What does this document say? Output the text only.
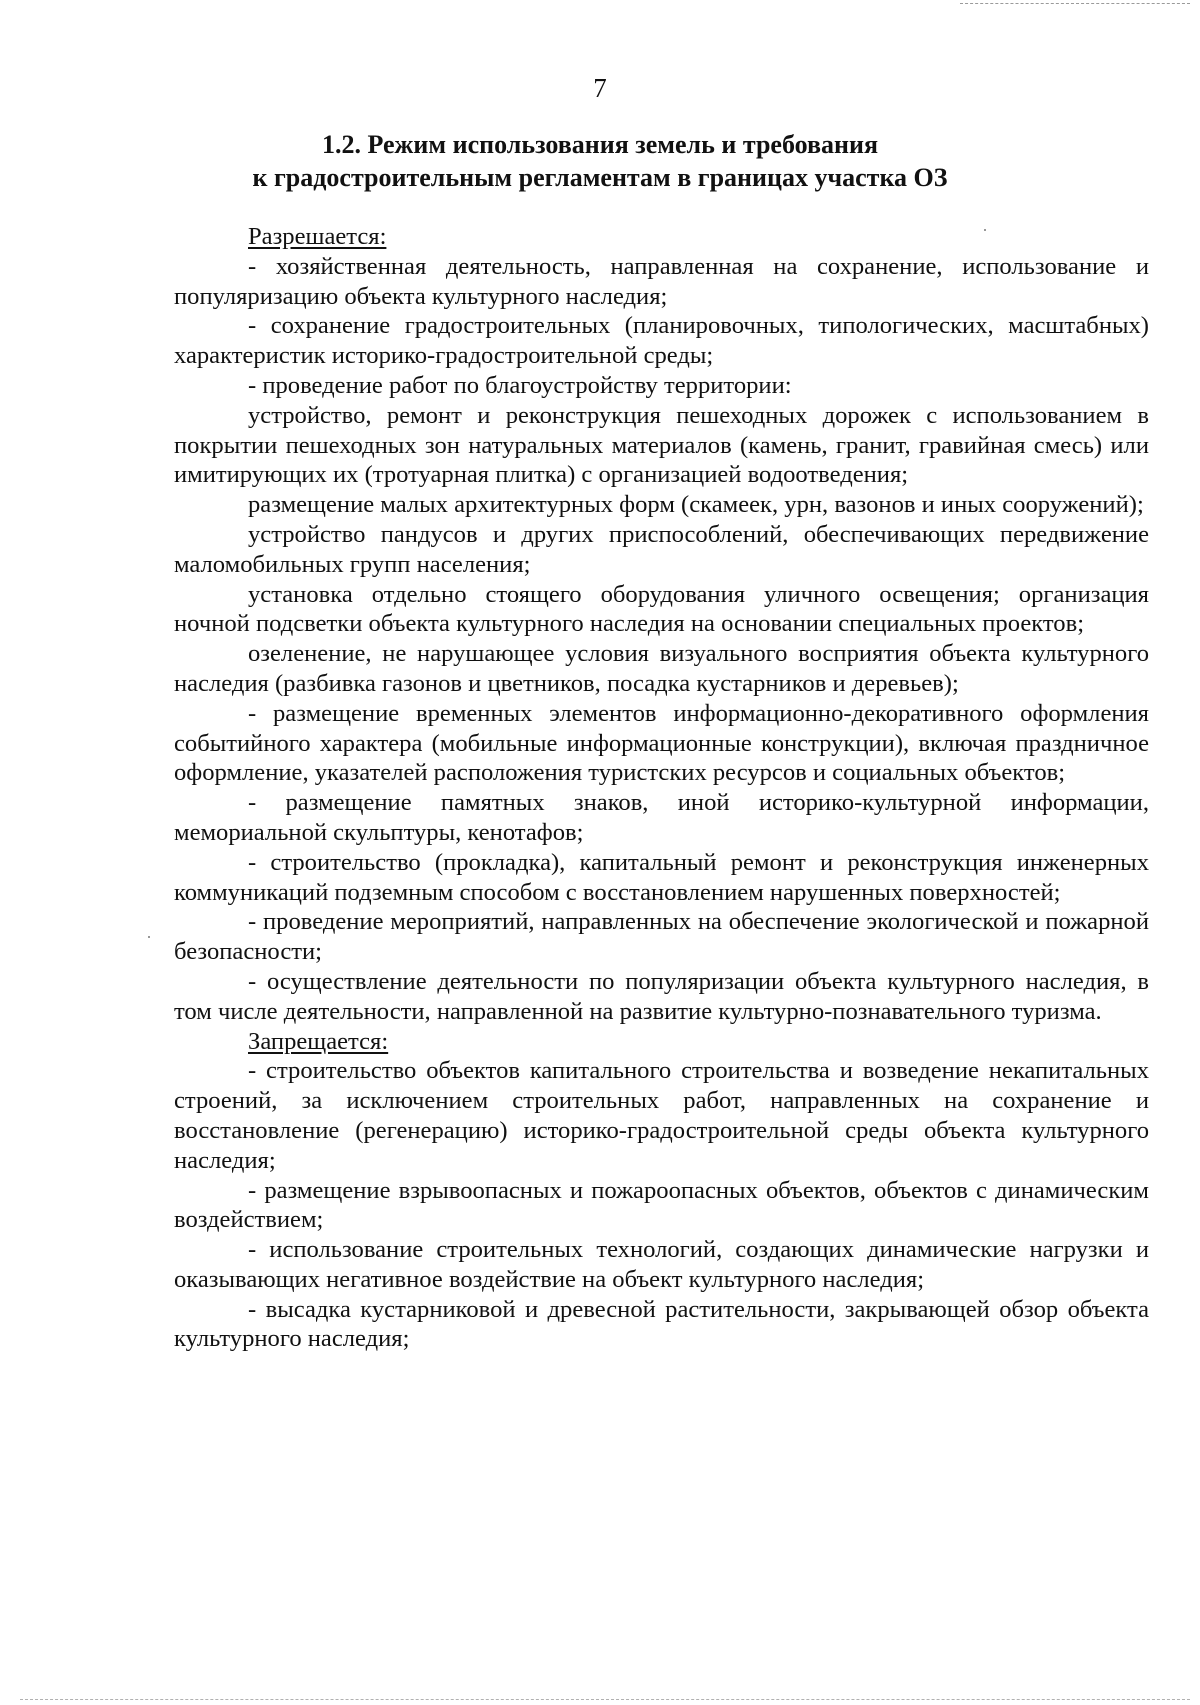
7
1.2. Режим использования земель и требования
к градостроительным регламентам в границах участка ОЗ

Разрешается:

- хозяйственная деятельность, направленная на сохранение, использование и популяризацию объекта культурного наследия;

- сохранение градостроительных (планировочных, типологических, масштабных) характеристик историко-градостроительной среды;

- проведение работ по благоустройству территории:

устройство, ремонт и реконструкция пешеходных дорожек с использованием в покрытии пешеходных зон натуральных материалов (камень, гранит, гравийная смесь) или имитирующих их (тротуарная плитка) с организацией водоотведения;

размещение малых архитектурных форм (скамеек, урн, вазонов и иных сооружений);

устройство пандусов и других приспособлений, обеспечивающих передвижение маломобильных групп населения;

установка отдельно стоящего оборудования уличного освещения; организация ночной подсветки объекта культурного наследия на основании специальных проектов;

озеленение, не нарушающее условия визуального восприятия объекта культурного наследия (разбивка газонов и цветников, посадка кустарников и деревьев);

- размещение временных элементов информационно-декоративного оформления событийного характера (мобильные информационные конструкции), включая праздничное оформление, указателей расположения туристских ресурсов и социальных объектов;

- размещение памятных знаков, иной историко-культурной информации, мемориальной скульптуры, кенотафов;

- строительство (прокладка), капитальный ремонт и реконструкция инженерных коммуникаций подземным способом с восстановлением нарушенных поверхностей;

- проведение мероприятий, направленных на обеспечение экологической и пожарной безопасности;

- осуществление деятельности по популяризации объекта культурного наследия, в том числе деятельности, направленной на развитие культурно-познавательного туризма.

Запрещается:

- строительство объектов капитального строительства и возведение некапитальных строений, за исключением строительных работ, направленных на сохранение и восстановление (регенерацию) историко-градостроительной среды объекта культурного наследия;

- размещение взрывоопасных и пожароопасных объектов, объектов с динамическим воздействием;

- использование строительных технологий, создающих динамические нагрузки и оказывающих негативное воздействие на объект культурного наследия;

- высадка кустарниковой и древесной растительности, закрывающей обзор объекта культурного наследия;
